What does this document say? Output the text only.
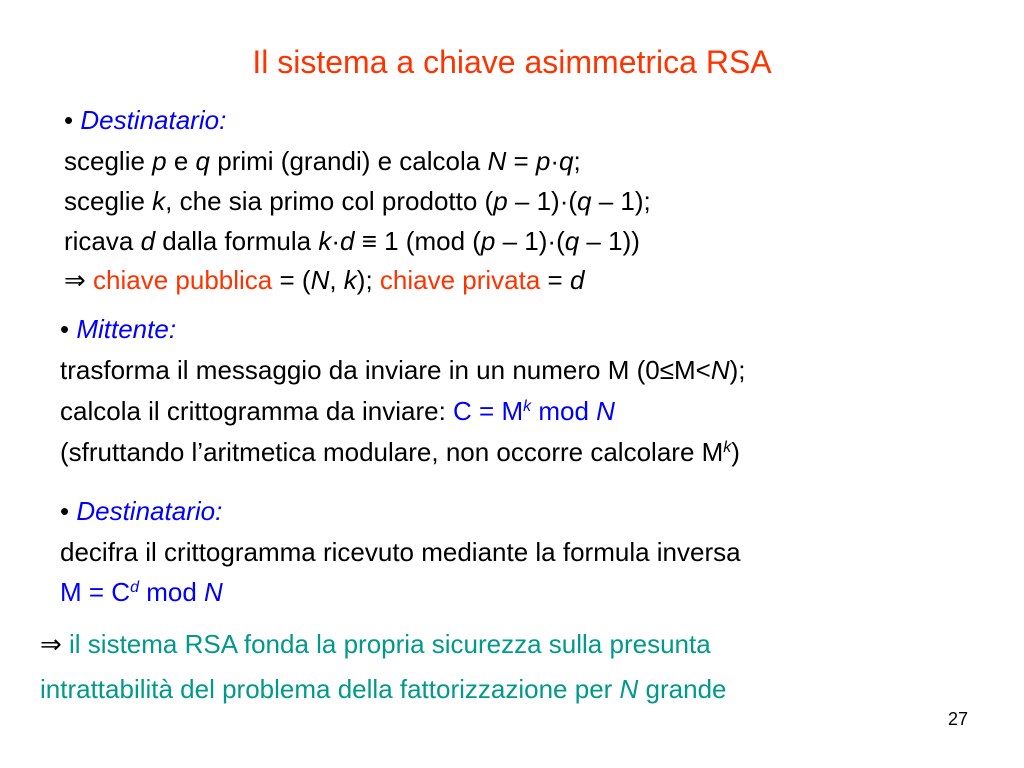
Il sistema a chiave asimmetrica RSA
• Destinatario:
sceglie p e q primi (grandi) e calcola N = p·q;
sceglie k, che sia primo col prodotto (p – 1)·(q – 1);
ricava d dalla formula k·d ≡ 1 (mod (p – 1)·(q – 1))
⇒ chiave pubblica = (N, k); chiave privata = d
• Mittente:
trasforma il messaggio da inviare in un numero M (0≤M<N);
calcola il crittogramma da inviare: $C = M^k$ mod N
(sfruttando l’aritmetica modulare, non occorre calcolare $M^k$)
• Destinatario:
decifra il crittogramma ricevuto mediante la formula inversa
$M = C^d$ mod N
⇒ il sistema RSA fonda la propria sicurezza sulla presunta
intrattabilità del problema della fattorizzazione per N grande
27
